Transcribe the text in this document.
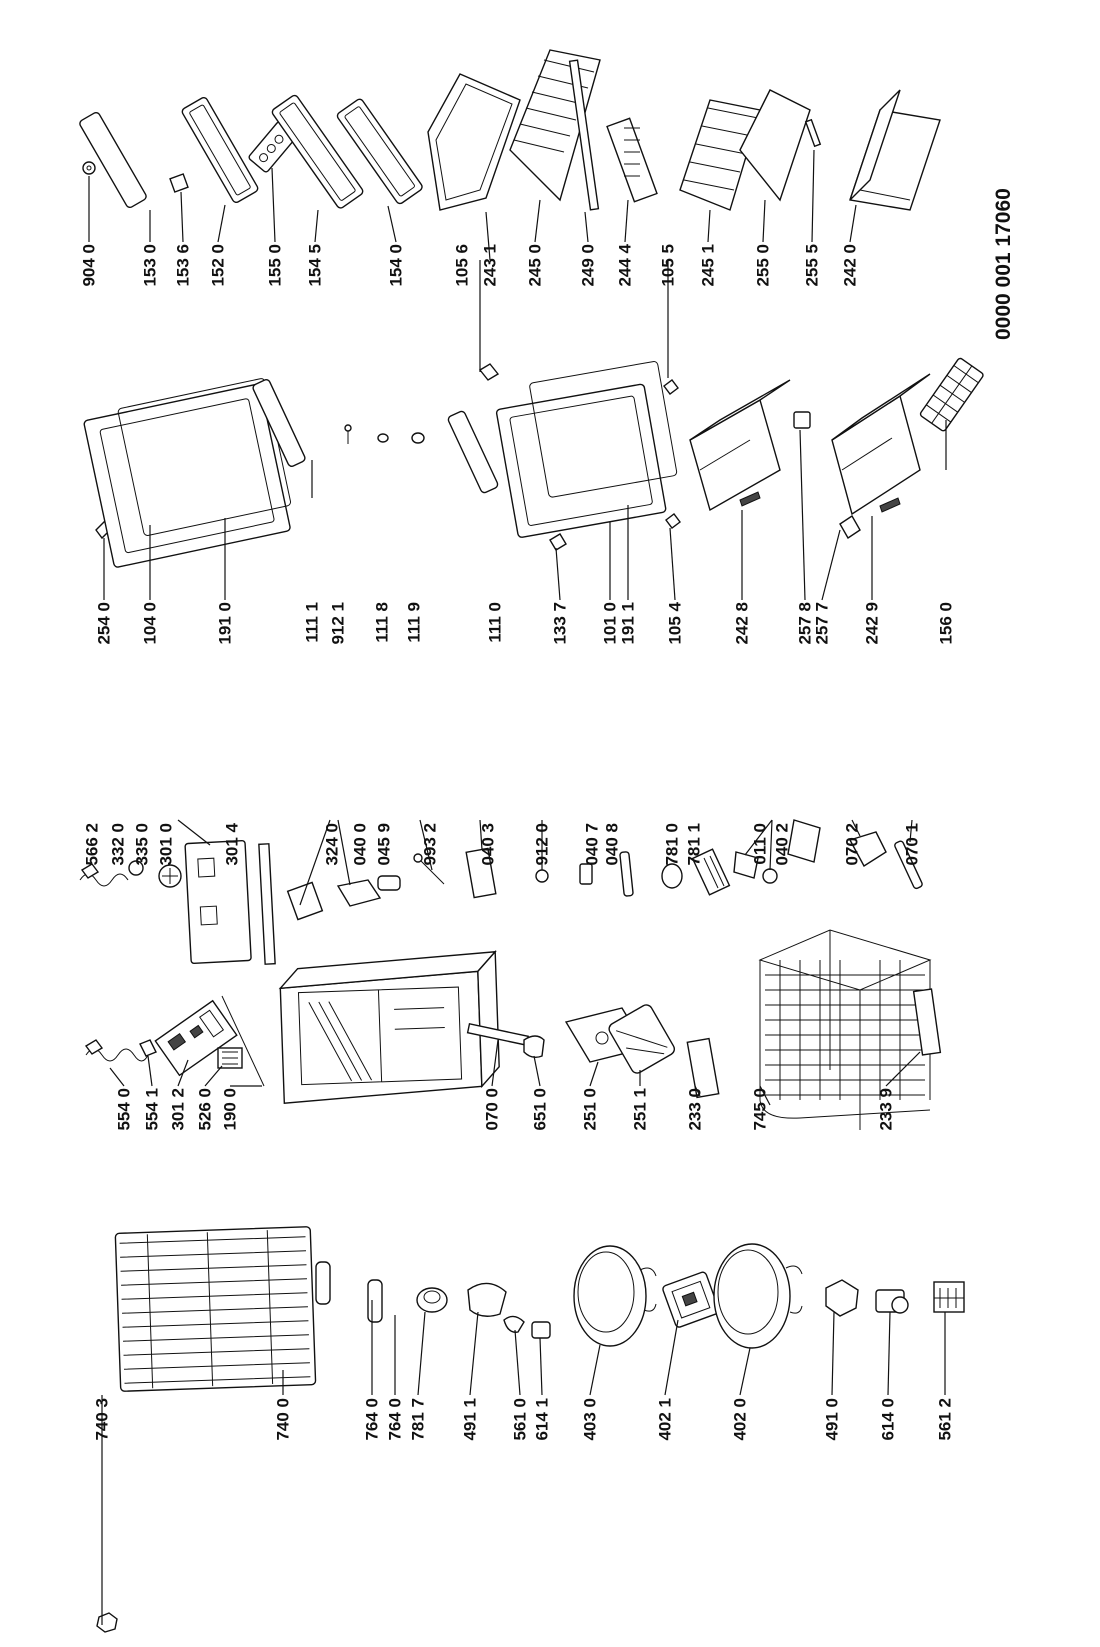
740 3	740 0	764 0 764 0 781 7 491 1 561 0 614 1 403 0	402 1	402 0	491 0 614 0 561 2
554 0 554 1 301 2 526 0 190 0	070 0 651 0 251 0 251 1 233 0	745 0	233 9
566 2 332 0 335 0 301 0	301 4	324 0 040 0 045 9 993 2 040 3 912 0 040 7 040 8 781 0 781 1	011 0 040 2	070 2 070 1
254 0 104 0	191 0	111 1 912 1 111 8 111 9	111 0	133 7 101 0 191 1 105 4	242 8	257 8
257 7 242 9	156 0
904 0 153 0 153 6 152 0 155 0 154 5	154 0	105 6 243 1 245 0 249 0 244 4 105 5 245 1 255 0 255 5 242 0	0000 001 17060
